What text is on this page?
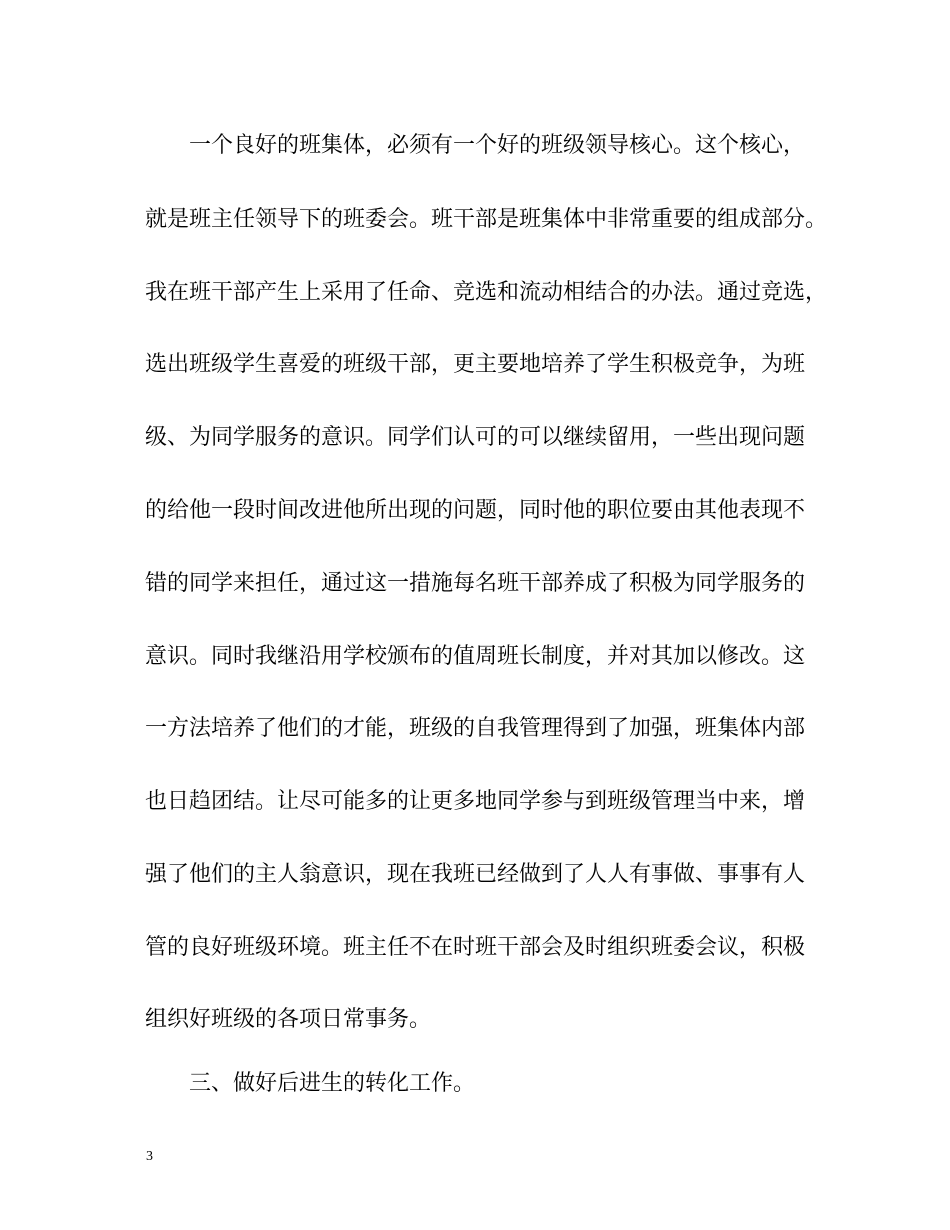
一个良好的班集体，必须有一个好的班级领导核心。这个核心，
就是班主任领导下的班委会。班干部是班集体中非常重要的组成部分。
我在班干部产生上采用了任命、竞选和流动相结合的办法。通过竞选，
选出班级学生喜爱的班级干部，更主要地培养了学生积极竞争，为班
级、为同学服务的意识。同学们认可的可以继续留用，一些出现问题
的给他一段时间改进他所出现的问题，同时他的职位要由其他表现不
错的同学来担任，通过这一措施每名班干部养成了积极为同学服务的
意识。同时我继沿用学校颁布的值周班长制度，并对其加以修改。这
一方法培养了他们的才能，班级的自我管理得到了加强，班集体内部
也日趋团结。让尽可能多的让更多地同学参与到班级管理当中来，增
强了他们的主人翁意识，现在我班已经做到了人人有事做、事事有人
管的良好班级环境。班主任不在时班干部会及时组织班委会议，积极
组织好班级的各项日常事务。
三、做好后进生的转化工作。
3
